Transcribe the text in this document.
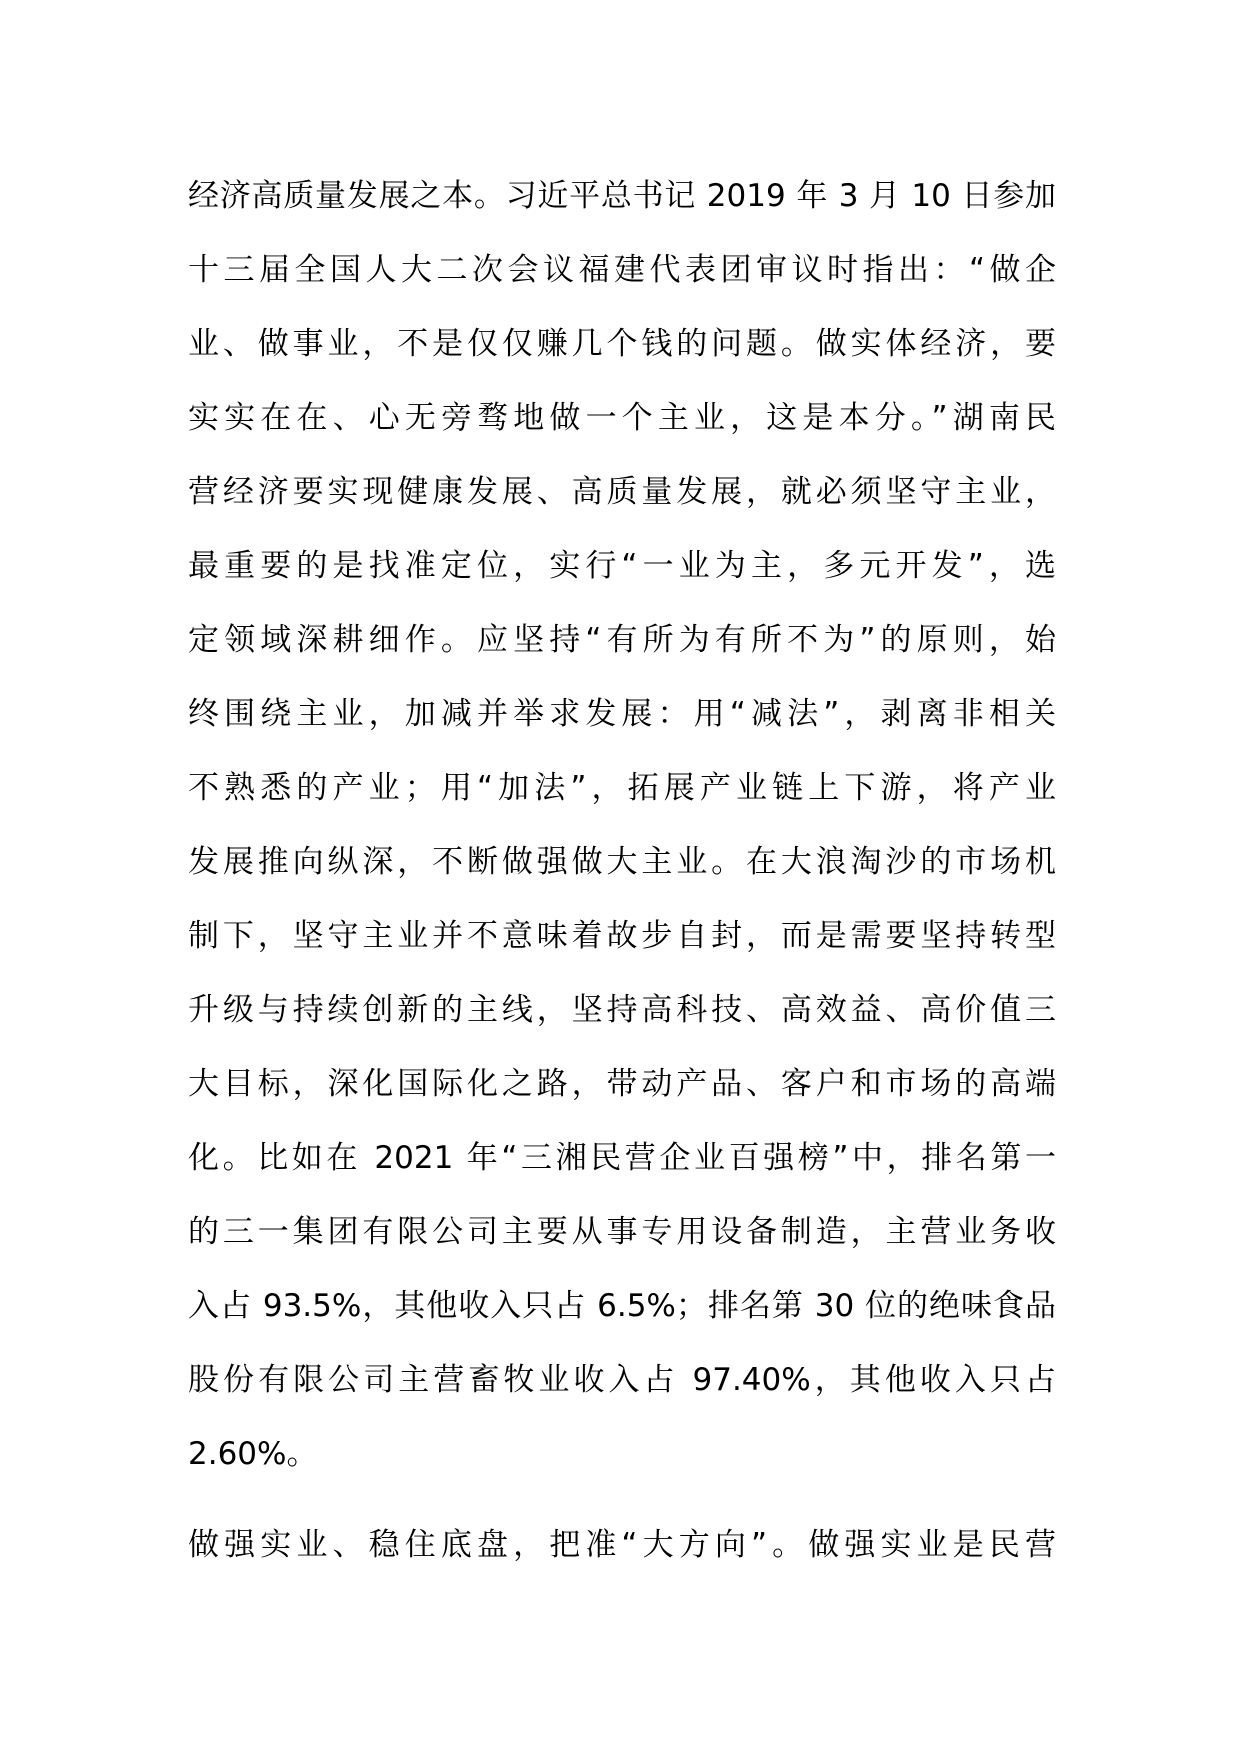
经济高质量发展之本。习近平总书记 2019 年 3 月 10 日参加
十三届全国人大二次会议福建代表团审议时指出：“做企
业、做事业，不是仅仅赚几个钱的问题。做实体经济，要
实实在在、心无旁骛地做一个主业，这是本分。”湖南民
营经济要实现健康发展、高质量发展，就必须坚守主业，
最重要的是找准定位，实行“一业为主，多元开发”，选
定领域深耕细作。应坚持“有所为有所不为”的原则，始
终围绕主业，加减并举求发展：用“减法”，剥离非相关
不熟悉的产业；用“加法”，拓展产业链上下游，将产业
发展推向纵深，不断做强做大主业。在大浪淘沙的市场机
制下，坚守主业并不意味着故步自封，而是需要坚持转型
升级与持续创新的主线，坚持高科技、高效益、高价值三
大目标，深化国际化之路，带动产品、客户和市场的高端
化。比如在 2021 年“三湘民营企业百强榜”中，排名第一
的三一集团有限公司主要从事专用设备制造，主营业务收
入占 93.5%，其他收入只占 6.5%；排名第 30 位的绝味食品
股份有限公司主营畜牧业收入占 97.40%，其他收入只占
2.60%。
做强实业、稳住底盘，把准“大方向”。做强实业是民营
